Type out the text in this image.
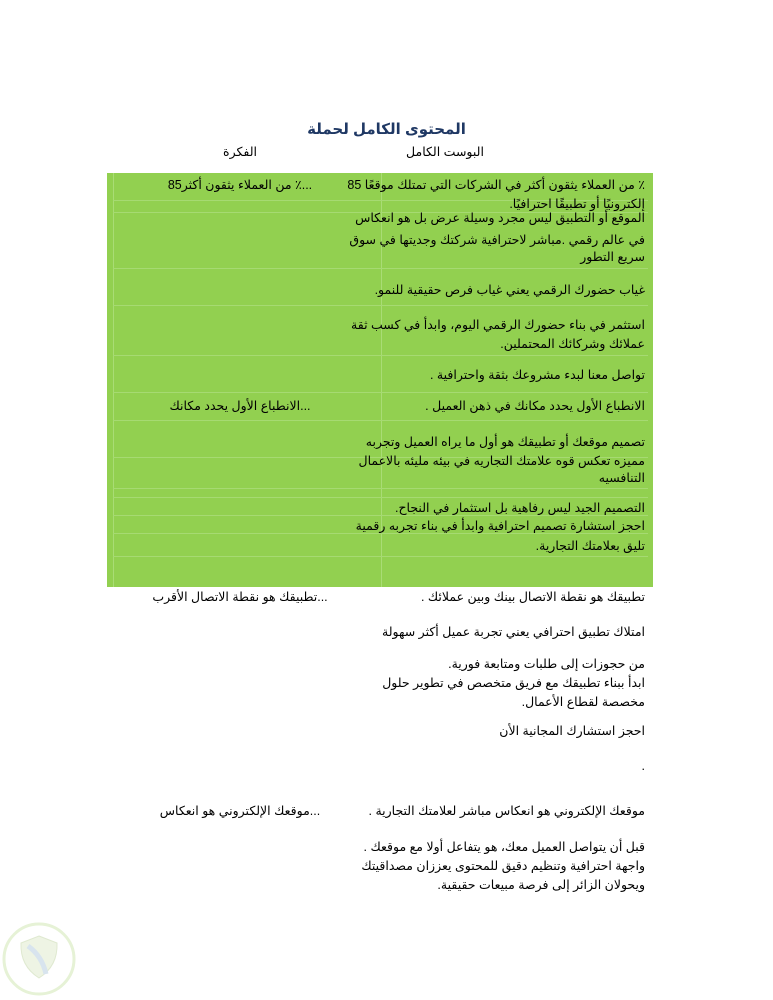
المحتوى الكامل لحملة
البوست الكامل
الفكرة
٪ من العملاء يثقون أكثر في الشركات التي تمتلك موقعًا 85
إلكترونيًا أو تطبيقًا احترافيًا.
الموقع أو التطبيق ليس مجرد وسيلة عرض بل هو انعكاس
في عالم رقمي .مباشر لاحترافية شركتك وجديتها في سوق
سريع التطور
غياب حضورك الرقمي يعني غياب فرص حقيقية للنمو.
استثمر في بناء حضورك الرقمي اليوم، وابدأ في كسب ثقة
عملائك وشركائك المحتملين.
تواصل معنا لبدء مشروعك بثقة واحترافية .
الانطباع الأول يحدد مكانك في ذهن العميل .
تصميم موقعك أو تطبيقك هو أول ما يراه العميل وتجربه
مميزه تعكس قوه علامتك التجاريه في بيئه مليئه بالاعمال
التنافسيه
التصميم الجيد ليس رفاهية بل استثمار في النجاح.
احجز استشارة تصميم احترافية وابدأ في بناء تجربه رقمية
تليق بعلامتك التجارية.
تطبيقك هو نقطة الاتصال بينك وبين عملائك .
امتلاك تطبيق احترافي يعني تجربة عميل أكثر سهولة
من حجوزات إلى طلبات ومتابعة فورية.
ابدأ ببناء تطبيقك مع فريق متخصص في تطوير حلول
مخصصة لقطاع الأعمال.
احجز استشارك المجانية الأن
.
موقعك الإلكتروني هو انعكاس مباشر لعلامتك التجارية .
قبل أن يتواصل العميل معك، هو يتفاعل أولا مع موقعك .
واجهة احترافية وتنظيم دقيق للمحتوى يعززان مصداقيتك
ويحولان الزائر إلى فرصة مبيعات حقيقية.
...٪ من العملاء يثقون أكثر85
...الانطباع الأول يحدد مكانك
...تطبيقك هو نقطة الاتصال الأقرب
...موقعك الإلكتروني هو انعكاس
